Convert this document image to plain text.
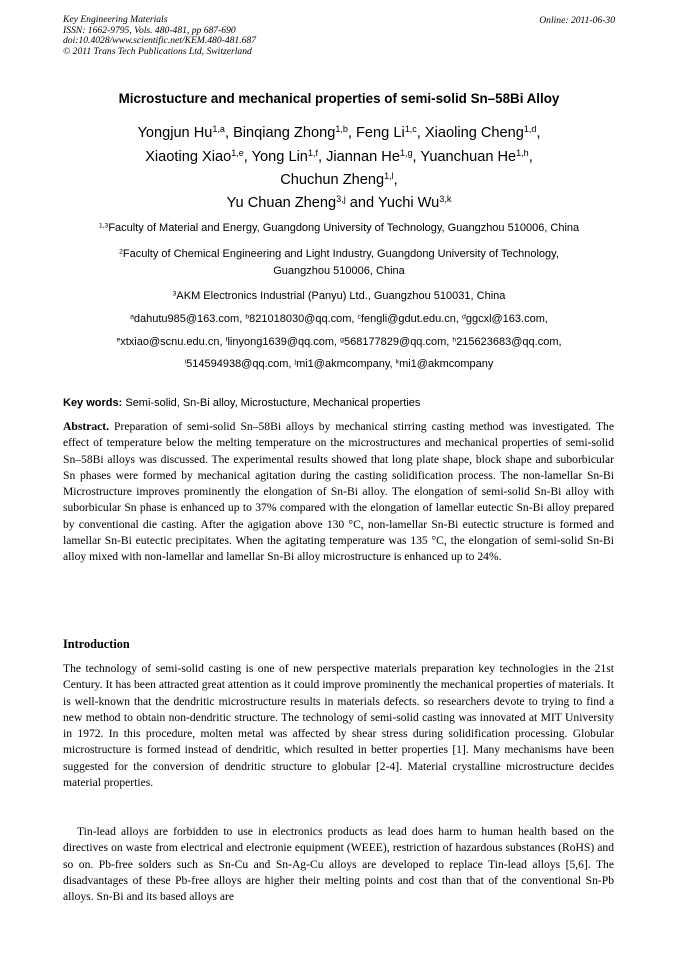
Key Engineering Materials
ISSN: 1662-9795, Vols. 480-481, pp 687-690
doi:10.4028/www.scientific.net/KEM.480-481.687
© 2011 Trans Tech Publications Ltd, Switzerland
Online: 2011-06-30
Microstucture and mechanical properties of semi-solid Sn–58Bi Alloy
Yongjun Hu$^{1,a}$, Binqiang Zhong$^{1,b}$, Feng Li$^{1,c}$, Xiaoling Cheng$^{1,d}$,
Xiaoting Xiao$^{1,e}$, Yong Lin$^{1,f}$, Jiannan He$^{1,g}$, Yuanchuan He$^{1,h}$,
Chuchun Zheng$^{1,l}$,
Yu Chuan Zheng$^{3,j}$ and Yuchi Wu$^{3,k}$
$^{1,3}$Faculty of Material and Energy, Guangdong University of Technology, Guangzhou 510006, China
$^2$Faculty of Chemical Engineering and Light Industry, Guangdong University of Technology,
Guangzhou 510006, China
$^3$AKM Electronics Industrial (Panyu) Ltd., Guangzhou 510031, China
$^a$dahutu985@163.com, $^b$821018030@qq.com, $^c$fengli@gdut.edu.cn, $^d$ggcxl@163.com,
$^e$xtxiao@scnu.edu.cn, $^f$linyong1639@qq.com, $^g$568177829@qq.com, $^h$215623683@qq.com,
$^i$514594938@qq.com, $^j$mi1@akmcompany, $^k$mi1@akmcompany
Key words: Semi-solid, Sn-Bi alloy, Microstucture, Mechanical properties
Abstract. Preparation of semi-solid Sn–58Bi alloys by mechanical stirring casting method was investigated. The effect of temperature below the melting temperature on the microstructures and mechanical properties of semi-solid Sn–58Bi alloys was discussed. The experimental results showed that long plate shape, block shape and suborbicular Sn phases were formed by mechanical agitation during the casting solidification process. The non-lamellar Sn-Bi Microstructure improves prominently the elongation of Sn-Bi alloy. The elongation of semi-solid Sn-Bi alloy with suborbicular Sn phase is enhanced up to 37% compared with the elongation of lamellar eutectic Sn-Bi alloy prepared by conventional die casting. After the agigation above 130 °C, non-lamellar Sn-Bi eutectic structure is formed and lamellar Sn-Bi eutectic precipitates. When the agitating temperature was 135 °C, the elongation of semi-solid Sn-Bi alloy mixed with non-lamellar and lamellar Sn-Bi alloy microstructure is enhanced up to 24%.
Introduction
The technology of semi-solid casting is one of new perspective materials preparation key technologies in the 21st Century. It has been attracted great attention as it could improve prominently the mechanical properties of materials. It is well-known that the dendritic microstructure results in materials defects. so researchers devote to trying to find a new method to obtain non-dendritic structure. The technology of semi-solid casting was innovated at MIT University in 1972. In this procedure, molten metal was affected by shear stress during solidification processing. Globular microstructure is formed instead of dendritic, which resulted in better properties [1]. Many mechanisms have been suggested for the conversion of dendritic structure to globular [2-4]. Material crystalline microstructure decides material properties.
Tin-lead alloys are forbidden to use in electronics products as lead does harm to human health based on the directives on waste from electrical and electronie equipment (WEEE), restriction of hazardous substances (RoHS) and so on. Pb-free solders such as Sn-Cu and Sn-Ag-Cu alloys are developed to replace Tin-lead alloys [5,6]. The disadvantages of these Pb-free alloys are higher their melting points and cost than that of the conventional Sn-Pb alloys. Sn-Bi and its based alloys are
